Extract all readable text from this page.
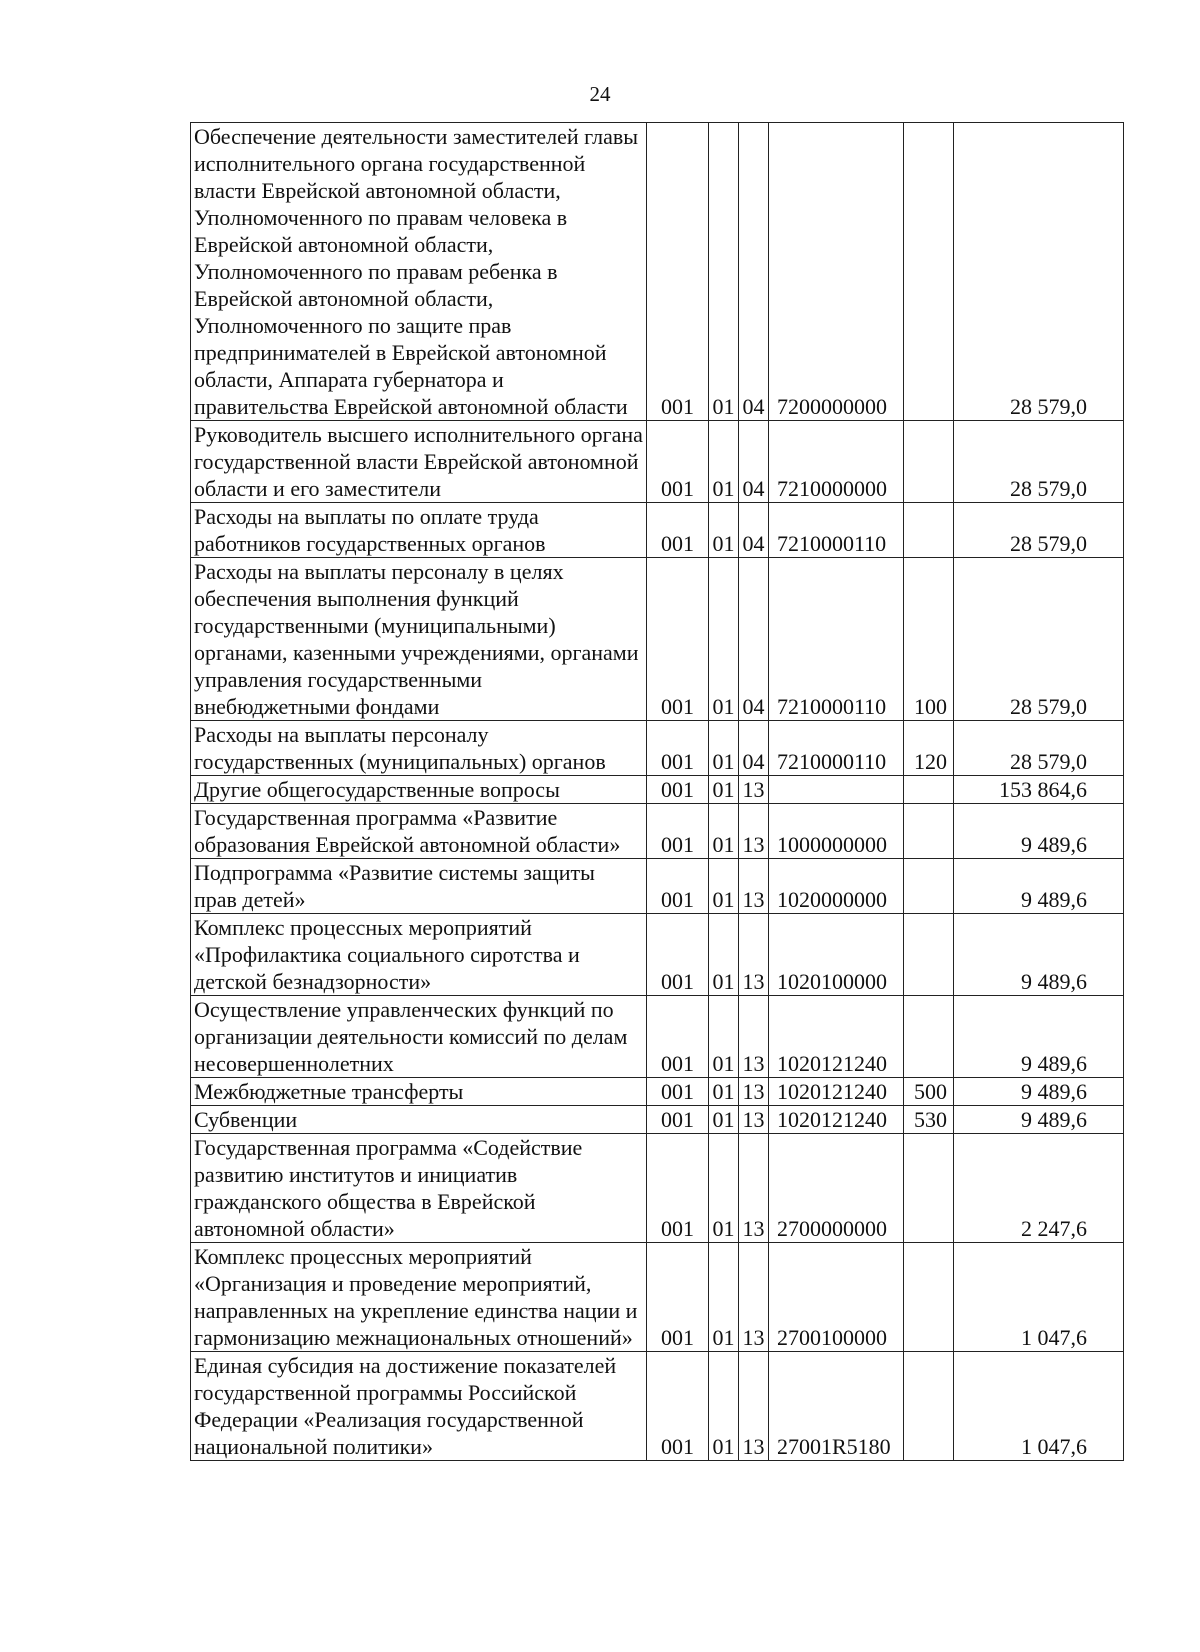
24
Обеспечение деятельности заместителей главы исполнительного органа государственной власти Еврейской автономной области, Уполномоченного по правам человека в Еврейской автономной области, Уполномоченного по правам ребенка в Еврейской автономной области, Уполномоченного по защите прав предпринимателей в Еврейской автономной области, Аппарата губернатора и правительства Еврейской автономной области	001	01	04	7200000000		28 579,0
Руководитель высшего исполнительного органа государственной власти Еврейской автономной области и его заместители	001	01	04	7210000000		28 579,0
Расходы на выплаты по оплате труда работников государственных органов	001	01	04	7210000110		28 579,0
Расходы на выплаты персоналу в целях обеспечения выполнения функций государственными (муниципальными) органами, казенными учреждениями, органами управления государственными внебюджетными фондами	001	01	04	7210000110	100	28 579,0
Расходы на выплаты персоналу государственных (муниципальных) органов	001	01	04	7210000110	120	28 579,0
Другие общегосударственные вопросы	001	01	13			153 864,6
Государственная программа «Развитие образования Еврейской автономной области»	001	01	13	1000000000		9 489,6
Подпрограмма «Развитие системы защиты прав детей»	001	01	13	1020000000		9 489,6
Комплекс процессных мероприятий «Профилактика социального сиротства и детской безнадзорности»	001	01	13	1020100000		9 489,6
Осуществление управленческих функций по организации деятельности комиссий по делам несовершеннолетних	001	01	13	1020121240		9 489,6
Межбюджетные трансферты	001	01	13	1020121240	500	9 489,6
Субвенции	001	01	13	1020121240	530	9 489,6
Государственная программа «Содействие развитию институтов и инициатив гражданского общества в Еврейской автономной области»	001	01	13	2700000000		2 247,6
Комплекс процессных мероприятий «Организация и проведение мероприятий, направленных на укрепление единства нации и гармонизацию межнациональных отношений»	001	01	13	2700100000		1 047,6
Единая субсидия на достижение показателей государственной программы Российской Федерации «Реализация государственной национальной политики»	001	01	13	27001R5180		1 047,6
